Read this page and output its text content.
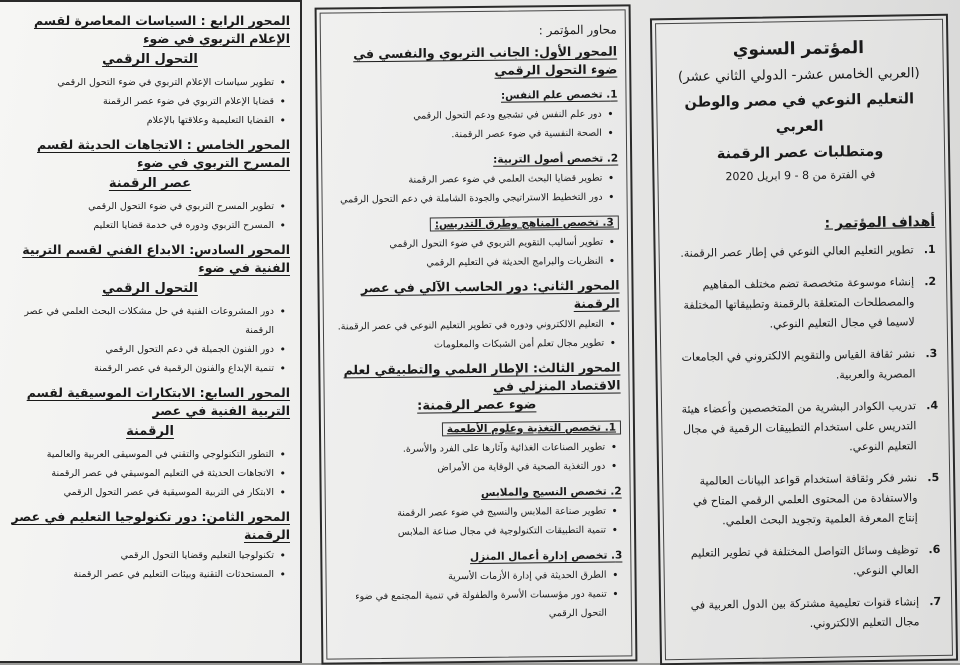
المحور الرابع : السياسات المعاصرة لقسم الإعلام التربوي في ضوء
التحول الرقمي
• تطوير سياسات الإعلام التربوي في ضوء التحول الرقمي
• قضايا الإعلام التربوي في ضوء عصر الرقمنة
• القضايا التعليمية وعلاقتها بالإعلام
المحور الخامس : الاتجاهات الحديثة لقسم المسرح التربوي في ضوء
عصر الرقمنة
• تطوير المسرح التربوي في ضوء التحول الرقمي
• المسرح التربوي ودوره في خدمة قضايا التعليم
المحور السادس: الابداع الفني لقسم التربية الفنية في ضوء
التحول الرقمي
• دور المشروعات الفنية في حل مشكلات البحث العلمي في عصر الرقمنة
• دور الفنون الجميلة في دعم التحول الرقمي
• تنمية الإبداع والفنون الرقمية في عصر الرقمنة
المحور السابع: الابتكارات الموسيقية لقسم التربية الفنية في عصر
الرقمنة
• التطور التكنولوجي والتقني في الموسيقى العربية والعالمية
• الاتجاهات الحديثة في التعليم الموسيقي في عصر الرقمنة
• الابتكار في التربية الموسيقية في عصر التحول الرقمي
المحور الثامن: دور تكنولوجيا التعليم في عصر الرقمنة
• تكنولوجيا التعليم وقضايا التحول الرقمي
• المستحدثات التقنية وبيئات التعليم في عصر الرقمنة
محاور المؤتمر :
المحور الأول: الجانب التربوي والنفسي في ضوء التحول الرقمي
1. تخصص علم النفس:
• دور علم النفس في تشجيع ودعم التحول الرقمي
• الصحة النفسية في ضوء عصر الرقمنة.
2. تخصص أصول التربية:
• تطوير قضايا البحث العلمي في ضوء عصر الرقمنة
• دور التخطيط الاستراتيجي والجودة الشاملة في دعم التحول الرقمي
3. تخصص المناهج وطرق التدريس:
• تطوير أساليب التقويم التربوي في ضوء التحول الرقمي
• النظريات والبرامج الحديثة في التعليم الرقمي
المحور الثاني: دور الحاسب الآلي في عصر الرقمنة
• التعليم الالكتروني ودوره في تطوير التعليم النوعي في عصر الرقمنة.
• تطوير مجال تعلم أمن الشبكات والمعلومات
المحور الثالث: الإطار العلمي والتطبيقي لعلم الاقتصاد المنزلي في
ضوء عصر الرقمنة:
1. تخصص التغذية وعلوم الأطعمة
• تطوير الصناعات الغذائية وآثارها على الفرد والأسرة.
• دور التغذية الصحية في الوقاية من الأمراض
2. تخصص النسيج والملابس
• تطوير صناعة الملابس والنسيج في ضوء عصر الرقمنة
• تنمية التطبيقات التكنولوجية في مجال صناعة الملابس
3. تخصص إدارة أعمال المنزل
• الطرق الحديثة في إدارة الأزمات الأسرية
• تنمية دور مؤسسات الأسرة والطفولة في تنمية المجتمع في ضوء التحول الرقمي
المؤتمر السنوي
(العربي الخامس عشر- الدولي الثاني عشر)
التعليم النوعي في مصر والوطن العربي
ومتطلبات عصر الرقمنة
في الفترة من 8 - 9 ابريل 2020
أهداف المؤتمر :
1.
تطوير التعليم العالي النوعي في إطار عصر الرقمنة.
2.
إنشاء موسوعة متخصصة تضم مختلف المفاهيم والمصطلحات المتعلقة بالرقمنة وتطبيقاتها المختلفة لاسيما في مجال التعليم النوعي.
3.
نشر ثقافة القياس والتقويم الالكتروني في الجامعات المصرية والعربية.
4.
تدريب الكوادر البشرية من المتخصصين وأعضاء هيئة التدريس على استخدام التطبيقات الرقمية في مجال التعليم النوعي.
5.
نشر فكر وثقافة استخدام قواعد البيانات العالمية والاستفادة من المحتوى العلمي الرقمي المتاح في إنتاج المعرفة العلمية وتجويد البحث العلمي.
6.
توظيف وسائل التواصل المختلفة في تطوير التعليم العالي النوعي.
7.
إنشاء قنوات تعليمية مشتركة بين الدول العربية في مجال التعليم الالكتروني.
